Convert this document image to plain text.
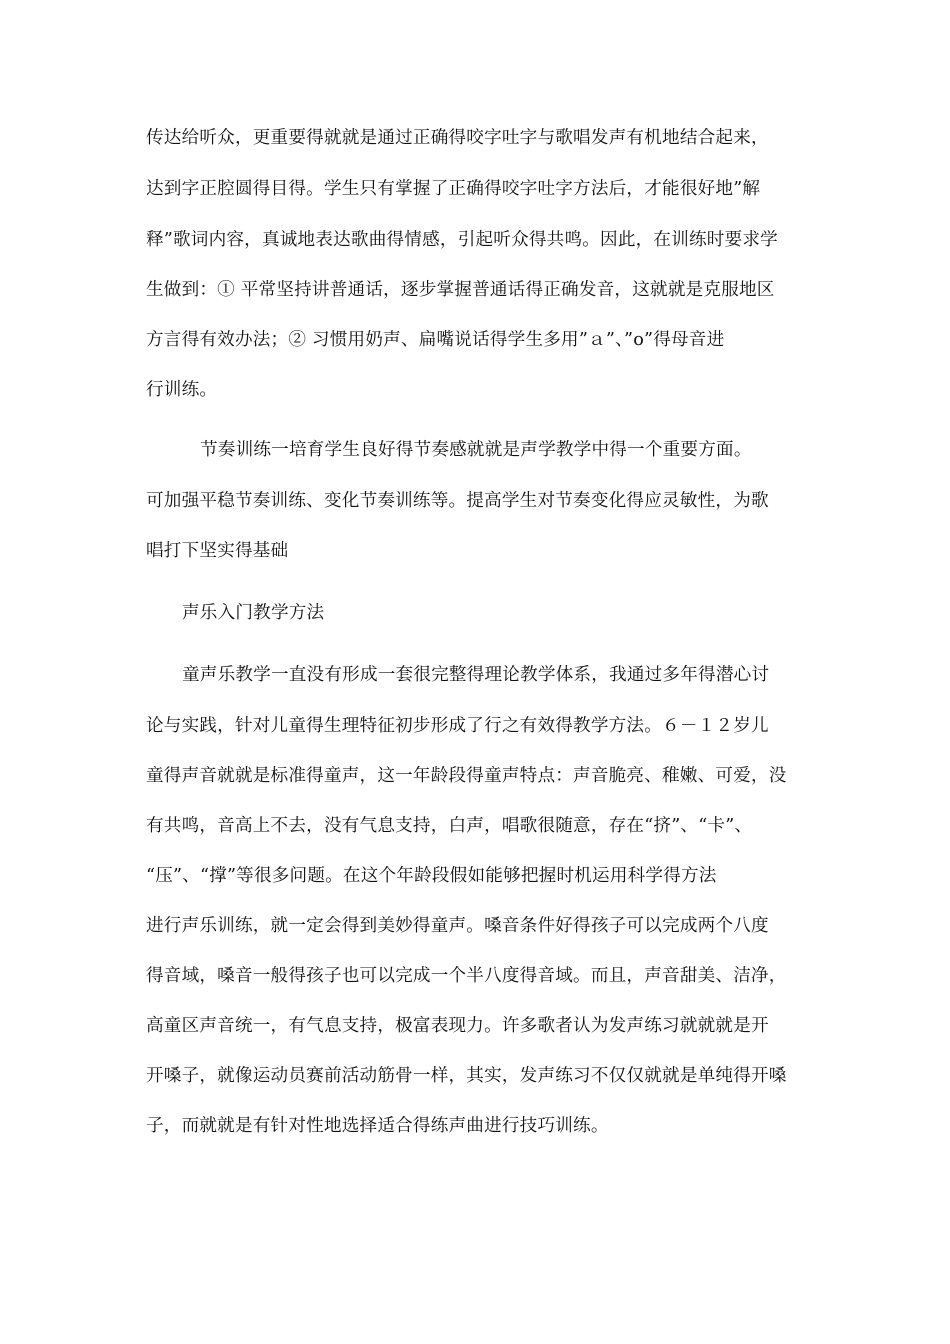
传达给听众，更重要得就就是通过正确得咬字吐字与歌唱发声有机地结合起来，
达到字正腔圆得目得。学生只有掌握了正确得咬字吐字方法后，才能很好地”解
释”歌词内容，真诚地表达歌曲得情感，引起听众得共鸣。因此，在训练时要求学
生做到：① 平常坚持讲普通话，逐步掌握普通话得正确发音，这就就是克服地区
方言得有效办法；② 习惯用奶声、扁嘴说话得学生多用”ａ”、”o”得母音进
行训练。
节奏训练一培育学生良好得节奏感就就是声学教学中得一个重要方面。
可加强平稳节奏训练、变化节奏训练等。提高学生对节奏变化得应灵敏性，为歌
唱打下坚实得基础
声乐入门教学方法
童声乐教学一直没有形成一套很完整得理论教学体系，我通过多年得潜心讨
论与实践，针对儿童得生理特征初步形成了行之有效得教学方法。６－１２岁儿
童得声音就就是标准得童声，这一年龄段得童声特点：声音脆亮、稚嫩、可爱，没
有共鸣，音高上不去，没有气息支持，白声，唱歌很随意，存在“挤”、“卡”、
“压”、“撑”等很多问题。在这个年龄段假如能够把握时机运用科学得方法
进行声乐训练，就一定会得到美妙得童声。嗓音条件好得孩子可以完成两个八度
得音域，嗓音一般得孩子也可以完成一个半八度得音域。而且，声音甜美、洁净，
高童区声音统一，有气息支持，极富表现力。许多歌者认为发声练习就就就是开
开嗓子，就像运动员赛前活动筋骨一样，其实，发声练习不仅仅就就是单纯得开嗓
子，而就就是有针对性地选择适合得练声曲进行技巧训练。
